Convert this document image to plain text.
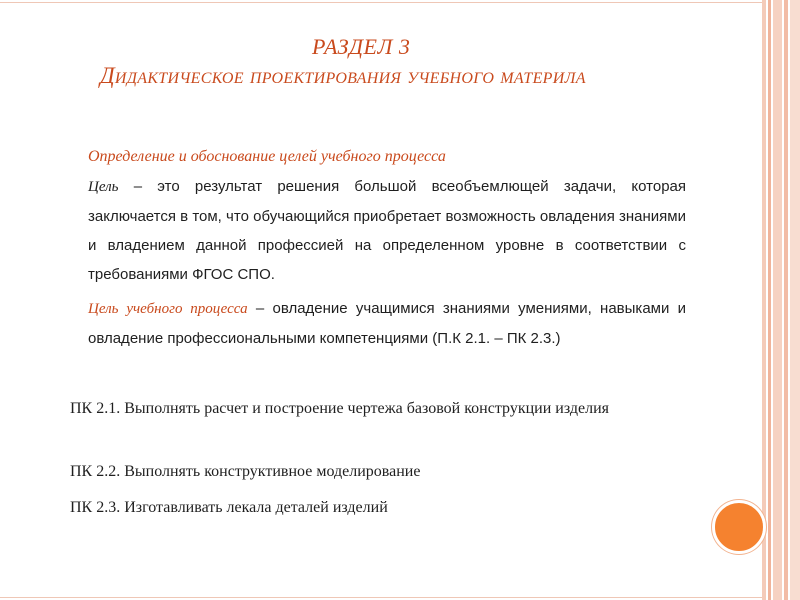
РАЗДЕЛ 3
Дидактическое проектирования учебного материла
Определение и обоснование целей учебного процесса
Цель – это результат решения большой всеобъемлющей задачи, которая заключается в том, что обучающийся приобретает возможность овладения знаниями и владением данной профессией на определенном уровне в соответствии с требованиями ФГОС СПО.
Цель учебного процесса – овладение учащимися знаниями умениями, навыками и овладение профессиональными компетенциями (П.К 2.1. – ПК 2.3.)
ПК 2.1. Выполнять расчет и построение чертежа базовой конструкции изделия
ПК 2.2. Выполнять конструктивное моделирование
ПК 2.3. Изготавливать лекала деталей изделий
